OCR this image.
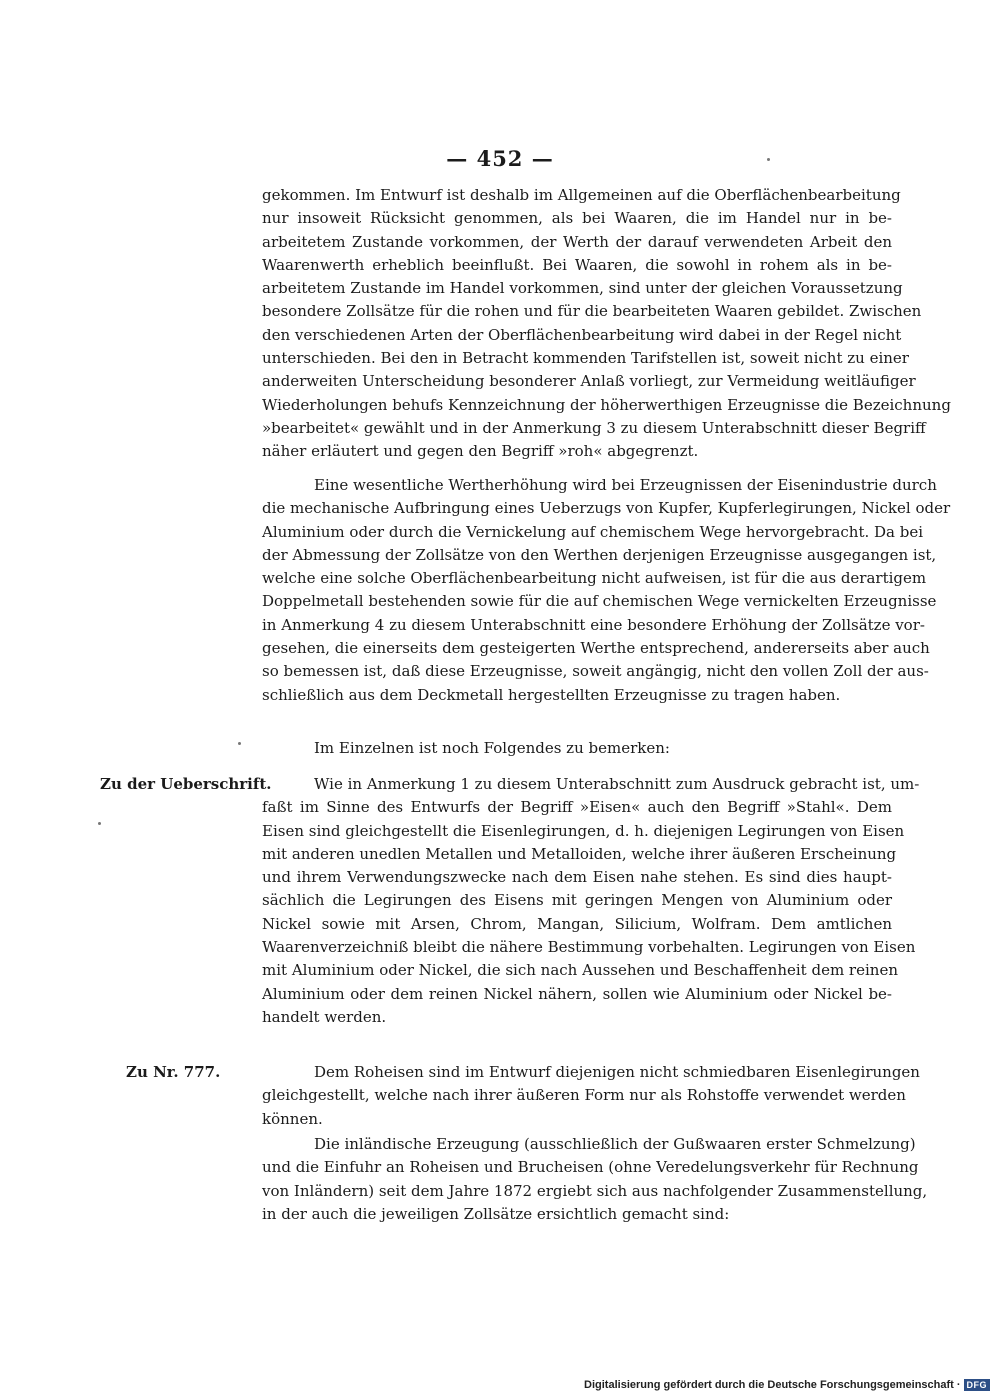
— 452 —
gekommen. Im Entwurf ist deshalb im Allgemeinen auf die Oberflächenbearbeitung
nur insoweit Rücksicht genommen, als bei Waaren, die im Handel nur in be-
arbeitetem Zustande vorkommen, der Werth der darauf verwendeten Arbeit den
Waarenwerth erheblich beeinflußt. Bei Waaren, die sowohl in rohem als in be-
arbeitetem Zustande im Handel vorkommen, sind unter der gleichen Voraussetzung
besondere Zollsätze für die rohen und für die bearbeiteten Waaren gebildet. Zwischen
den verschiedenen Arten der Oberflächenbearbeitung wird dabei in der Regel nicht
unterschieden. Bei den in Betracht kommenden Tarifstellen ist, soweit nicht zu einer
anderweiten Unterscheidung besonderer Anlaß vorliegt, zur Vermeidung weitläufiger
Wiederholungen behufs Kennzeichnung der höherwerthigen Erzeugnisse die Bezeichnung
»bearbeitet« gewählt und in der Anmerkung 3 zu diesem Unterabschnitt dieser Begriff
näher erläutert und gegen den Begriff »roh« abgegrenzt.
Eine wesentliche Wertherhöhung wird bei Erzeugnissen der Eisenindustrie durch
die mechanische Aufbringung eines Ueberzugs von Kupfer, Kupferlegirungen, Nickel oder
Aluminium oder durch die Vernickelung auf chemischem Wege hervorgebracht. Da bei
der Abmessung der Zollsätze von den Werthen derjenigen Erzeugnisse ausgegangen ist,
welche eine solche Oberflächenbearbeitung nicht aufweisen, ist für die aus derartigem
Doppelmetall bestehenden sowie für die auf chemischen Wege vernickelten Erzeugnisse
in Anmerkung 4 zu diesem Unterabschnitt eine besondere Erhöhung der Zollsätze vor-
gesehen, die einerseits dem gesteigerten Werthe entsprechend, andererseits aber auch
so bemessen ist, daß diese Erzeugnisse, soweit angängig, nicht den vollen Zoll der aus-
schließlich aus dem Deckmetall hergestellten Erzeugnisse zu tragen haben.
Im Einzelnen ist noch Folgendes zu bemerken:
Zu der Ueberschrift.	Wie in Anmerkung 1 zu diesem Unterabschnitt zum Ausdruck gebracht ist, um-
faßt im Sinne des Entwurfs der Begriff »Eisen« auch den Begriff »Stahl«. Dem
Eisen sind gleichgestellt die Eisenlegirungen, d. h. diejenigen Legirungen von Eisen
mit anderen unedlen Metallen und Metalloiden, welche ihrer äußeren Erscheinung
und ihrem Verwendungszwecke nach dem Eisen nahe stehen. Es sind dies haupt-
sächlich die Legirungen des Eisens mit geringen Mengen von Aluminium oder
Nickel sowie mit Arsen, Chrom, Mangan, Silicium, Wolfram. Dem amtlichen
Waarenverzeichniß bleibt die nähere Bestimmung vorbehalten. Legirungen von Eisen
mit Aluminium oder Nickel, die sich nach Aussehen und Beschaffenheit dem reinen
Aluminium oder dem reinen Nickel nähern, sollen wie Aluminium oder Nickel be-
handelt werden.
Zu Nr. 777.	Dem Roheisen sind im Entwurf diejenigen nicht schmiedbaren Eisenlegirungen
gleichgestellt, welche nach ihrer äußeren Form nur als Rohstoffe verwendet werden
können.
Die inländische Erzeugung (ausschließlich der Gußwaaren erster Schmelzung)
und die Einfuhr an Roheisen und Brucheisen (ohne Veredelungsverkehr für Rechnung
von Inländern) seit dem Jahre 1872 ergiebt sich aus nachfolgender Zusammenstellung,
in der auch die jeweiligen Zollsätze ersichtlich gemacht sind:
Digitalisierung gefördert durch die Deutsche Forschungsgemeinschaft · DFG
